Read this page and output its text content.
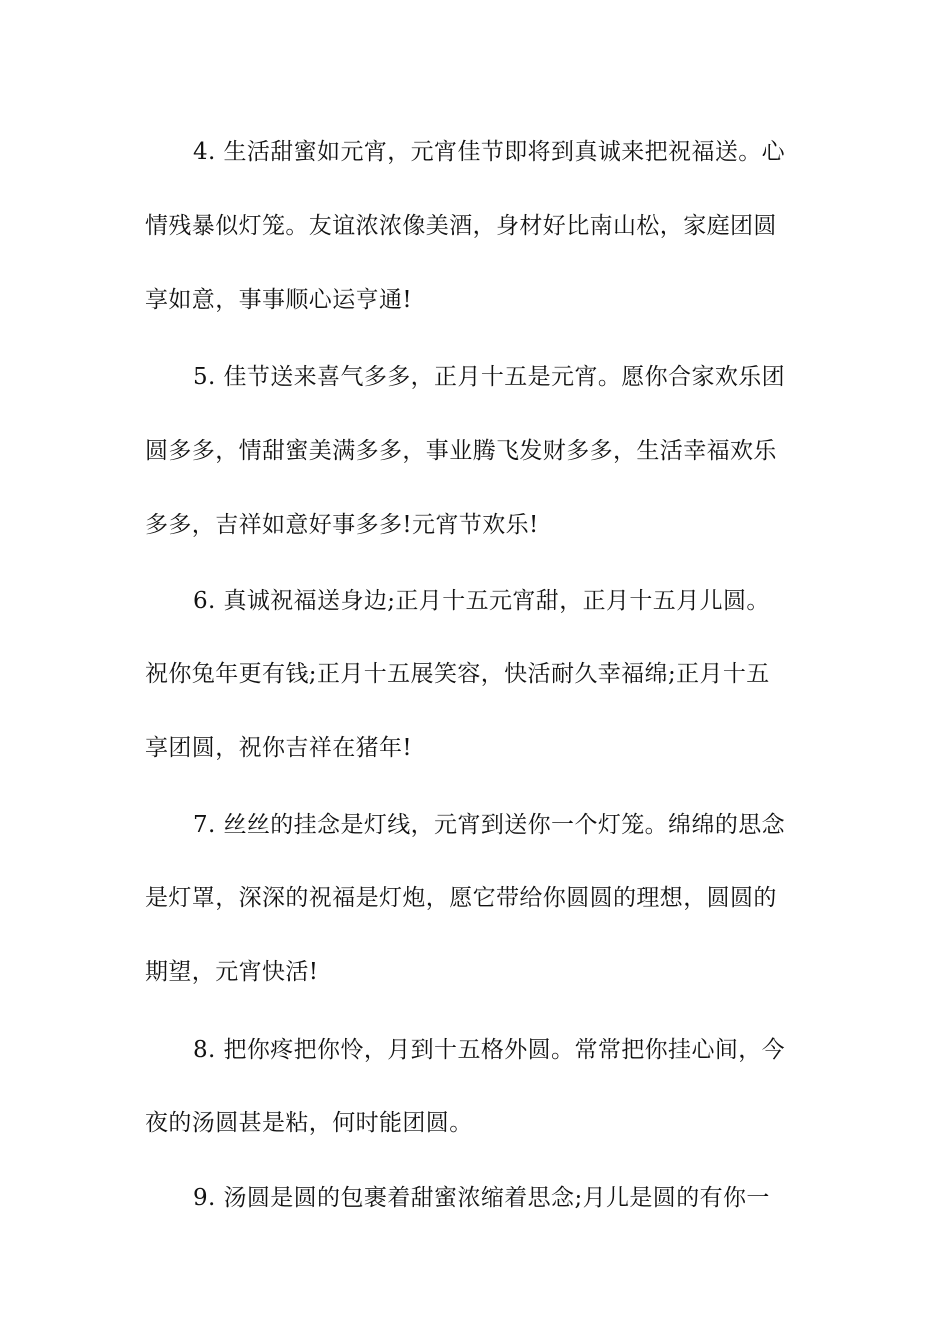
4. 生活甜蜜如元宵，元宵佳节即将到真诚来把祝福送。心
情残暴似灯笼。友谊浓浓像美酒，身材好比南山松，家庭团圆
享如意，事事顺心运亨通!
5. 佳节送来喜气多多，正月十五是元宵。愿你合家欢乐团
圆多多，情甜蜜美满多多，事业腾飞发财多多，生活幸福欢乐
多多，吉祥如意好事多多!元宵节欢乐!
6. 真诚祝福送身边;正月十五元宵甜，正月十五月儿圆。
祝你兔年更有钱;正月十五展笑容，快活耐久幸福绵;正月十五
享团圆，祝你吉祥在猪年!
7. 丝丝的挂念是灯线，元宵到送你一个灯笼。绵绵的思念
是灯罩，深深的祝福是灯炮，愿它带给你圆圆的理想，圆圆的
期望，元宵快活!
8. 把你疼把你怜，月到十五格外圆。常常把你挂心间，今
夜的汤圆甚是粘，何时能团圆。
9. 汤圆是圆的包裹着甜蜜浓缩着思念;月儿是圆的有你一
